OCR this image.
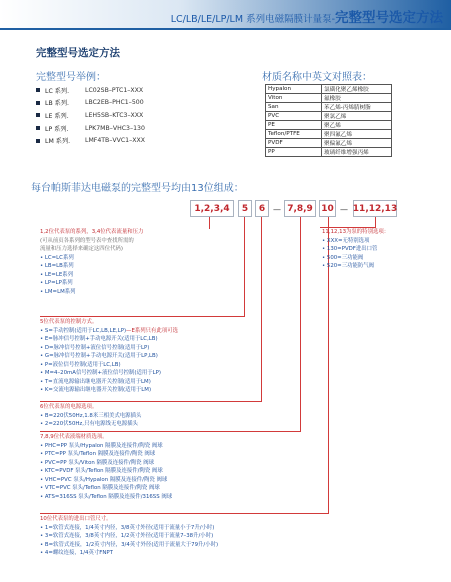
LC/LB/LE/LP/LM 系列电磁隔膜计量泵-完整型号选定方法
完整型号选定方法
完整型号举例：	材质名称中英文对照表：
LC 系列.	LC02SB–PTC1–XXX
LB 系列.	LBC2EB–PHC1–500
LE 系列.	LEH5SB–KTC3–XXX
LP 系列.	LPK7MB–VHC3–130
LM 系列.	LMF4TB–VVC1–XXX
Hypalon	氯磺化聚乙烯橡胶
Viton	氟橡胶
San	苯乙烯-丙烯腈树脂
PVC	聚氯乙烯
PE	聚乙烯
Teflon/PTFE	聚四氟乙烯
PVDF	聚偏氟乙烯
PP	玻璃纤维增强丙烯
每台帕斯菲达电磁泵的完整型号均由13位组成：
1,2,3,4	5	6 — 7,8,9 10 — 11,12,13
1,2位代表泵的系列，3,4位代表流量和压力
(可从前页各系列的型号表中查找所需的
流量和压力选择来确定这四位代码)
• LC=LC系列
• LB=LB系列
• LE=LE系列
• LP=LP系列
• LM=LM系列
5位代表泵的控制方式。
• S=手动控制(适用于LC,LB,LE,LP)—E系列只有此项可选
• E=脉冲信号控制+手动电源开关(适用于LC,LB)
• D=脉冲信号控制+液位信号控制(适用于LP)
• G=脉冲信号控制+手动电源开关(适用于LP,LB)
• P=液位信号控制(适用于LC,LB)
• M=4–20mA信号控制+液位信号控制(适用于LP)
• T=直流电源输出继电器开关控制(适用于LM)
• K=交流电源输出继电器开关控制(适用于LM)
6位代表泵的电源选项。
• B=220伏50Hz,1.8米三相美式电源插头
• 2=220伏50Hz,只有电源线无电源插头
7,8,9位代表液端材质选项。
• PHC=PP 泵头/Hypalon 隔膜及连接件/陶瓷 阀球
• PTC=PP 泵头/Teflon 隔膜及连接件/陶瓷 阀球
• PVC=PP 泵头/Viton 隔膜及连接件/陶瓷 阀球
• KTC=PVDF 泵头/Teflon 隔膜及连接件/陶瓷 阀球
• VHC=PVC 泵头/Hypalon 隔膜及连接件/陶瓷 阀球
• VTC=PVC 泵头/Teflon 隔膜及连接件/陶瓷 阀球
• ATS=316SS 泵头/Teflon 隔膜及连接件/316SS 阀球
10位代表泵的进出口管尺寸。
• 1=软管式连接，1/4英寸内径，3/8英寸外径(适用于流量小于7升/小时)
• 3=软管式连接，3/8英寸内径，1/2英寸外径(适用于流量7–38升/小时)
• B=软管式连接，1/2英寸内径，3/4英寸外径(适用于流量大于79升/小时)
• 4=螺纹连接，1/4英寸FNPT
11,12,13为泵的特别选项：
• XXX=无特别选项
• 130=PVDF进出口管
• 500=三功能阀
• 520=三功能防气阀
